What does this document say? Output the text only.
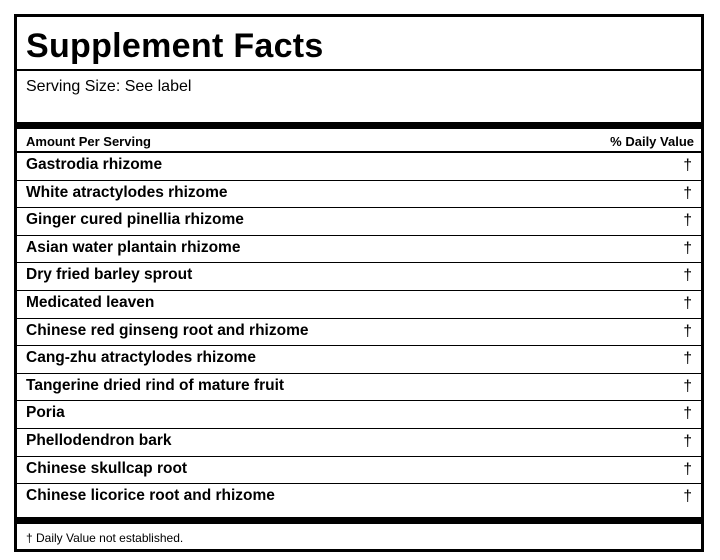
Supplement Facts
Serving Size: See label
Amount Per Serving	% Daily Value
Gastrodia rhizome	†
White atractylodes rhizome	†
Ginger cured pinellia rhizome	†
Asian water plantain rhizome	†
Dry fried barley sprout	†
Medicated leaven	†
Chinese red ginseng root and rhizome	†
Cang-zhu atractylodes rhizome	†
Tangerine dried rind of mature fruit	†
Poria	†
Phellodendron bark	†
Chinese skullcap root	†
Chinese licorice root and rhizome	†
† Daily Value not established.
